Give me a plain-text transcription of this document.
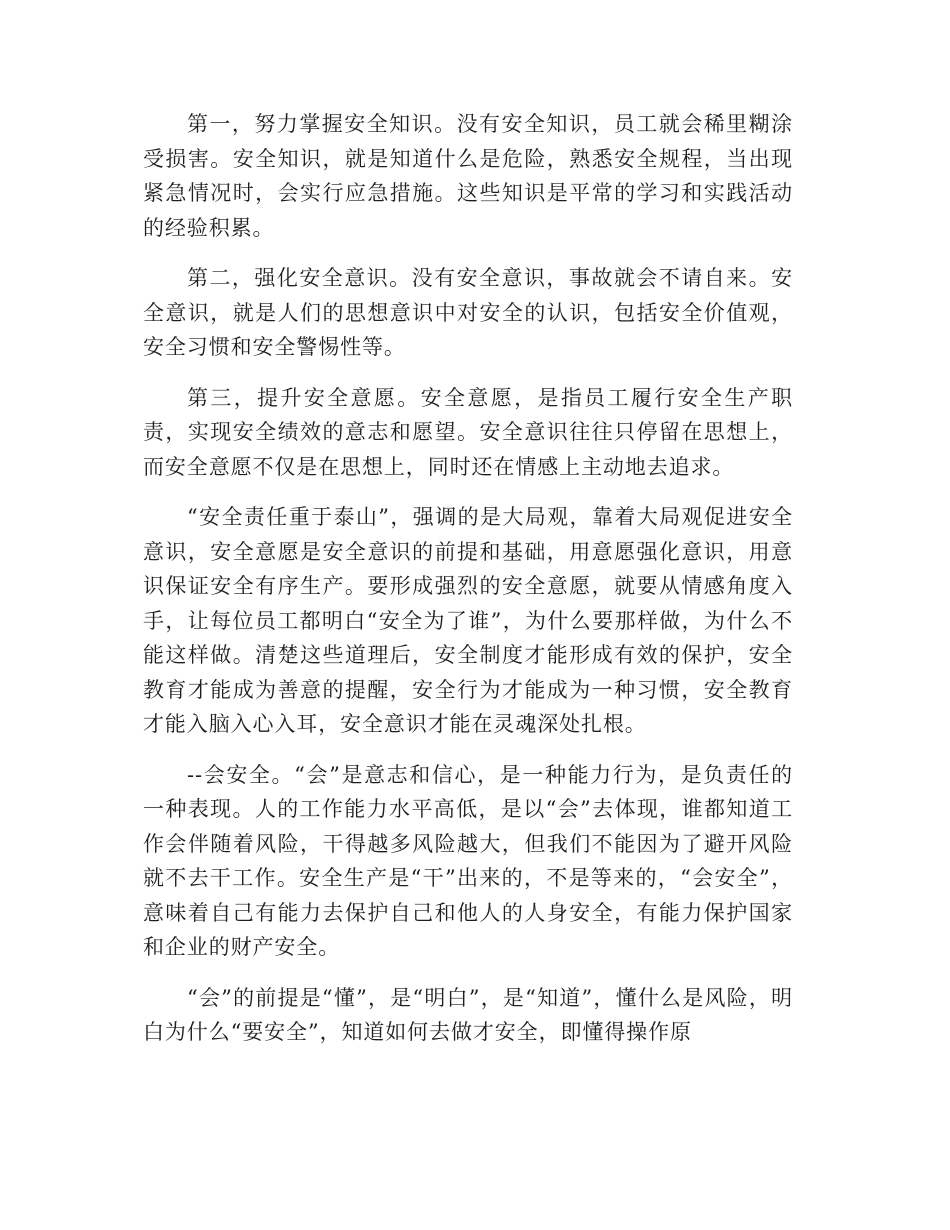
第一，努力掌握安全知识。没有安全知识，员工就会稀里糊涂受损害。安全知识，就是知道什么是危险，熟悉安全规程，当出现紧急情况时，会实行应急措施。这些知识是平常的学习和实践活动的经验积累。

第二，强化安全意识。没有安全意识，事故就会不请自来。安全意识，就是人们的思想意识中对安全的认识，包括安全价值观，安全习惯和安全警惕性等。

第三，提升安全意愿。安全意愿，是指员工履行安全生产职责，实现安全绩效的意志和愿望。安全意识往往只停留在思想上，而安全意愿不仅是在思想上，同时还在情感上主动地去追求。

“安全责任重于泰山”，强调的是大局观，靠着大局观促进安全意识，安全意愿是安全意识的前提和基础，用意愿强化意识，用意识保证安全有序生产。要形成强烈的安全意愿，就要从情感角度入手，让每位员工都明白“安全为了谁”，为什么要那样做，为什么不能这样做。清楚这些道理后，安全制度才能形成有效的保护，安全教育才能成为善意的提醒，安全行为才能成为一种习惯，安全教育才能入脑入心入耳，安全意识才能在灵魂深处扎根。

--会安全。“会”是意志和信心，是一种能力行为，是负责任的一种表现。人的工作能力水平高低，是以“会”去体现，谁都知道工作会伴随着风险，干得越多风险越大，但我们不能因为了避开风险就不去干工作。安全生产是“干”出来的，不是等来的，“会安全”，意味着自己有能力去保护自己和他人的人身安全，有能力保护国家和企业的财产安全。

“会”的前提是“懂”，是“明白”，是“知道”，懂什么是风险，明白为什么“要安全”，知道如何去做才安全，即懂得操作原
